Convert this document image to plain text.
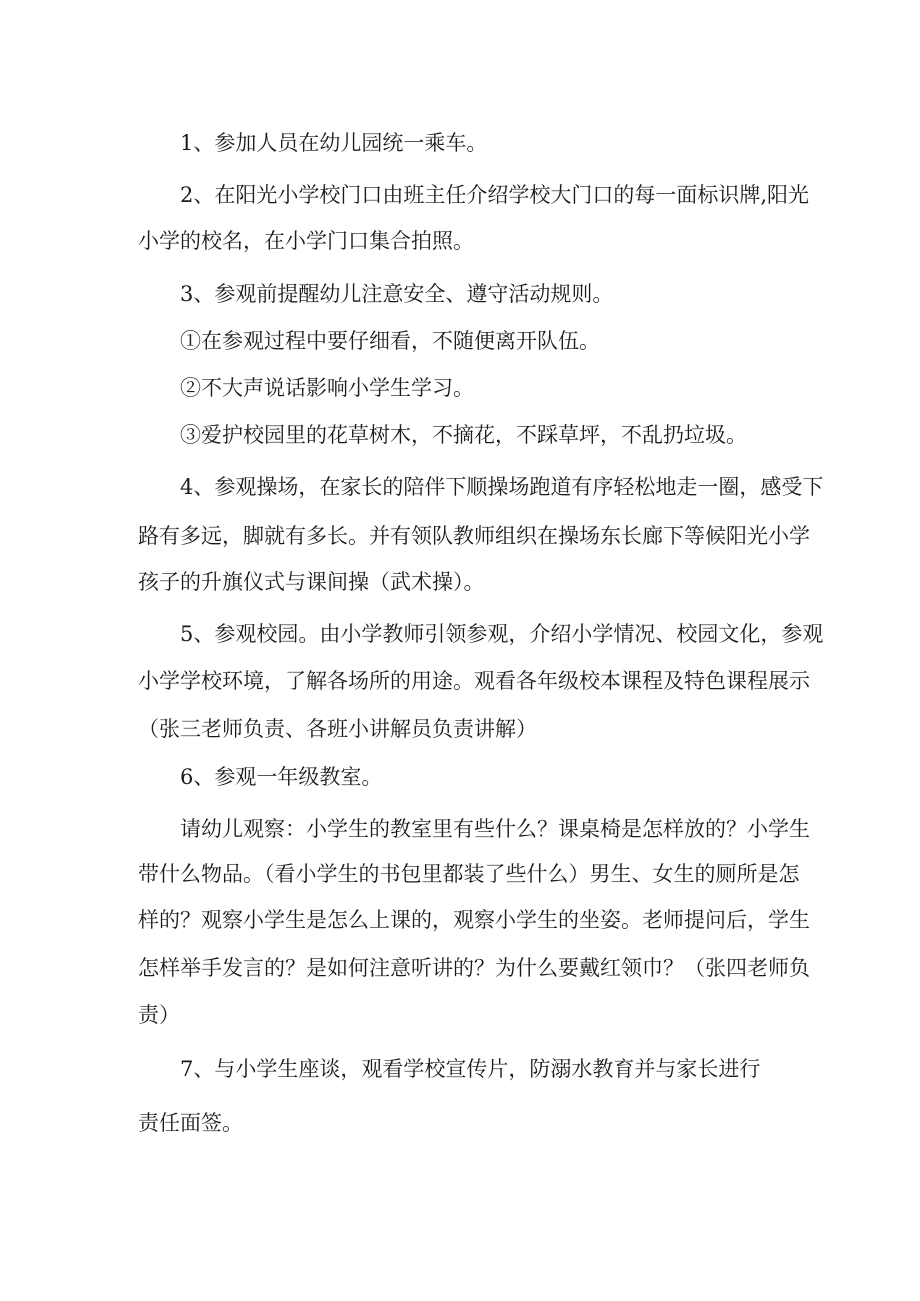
1、参加人员在幼儿园统一乘车。
2、在阳光小学校门口由班主任介绍学校大门口的每一面标识牌,阳光
小学的校名，在小学门口集合拍照。
3、参观前提醒幼儿注意安全、遵守活动规则。
①在参观过程中要仔细看，不随便离开队伍。
②不大声说话影响小学生学习。
③爱护校园里的花草树木，不摘花，不踩草坪，不乱扔垃圾。
4、参观操场，在家长的陪伴下顺操场跑道有序轻松地走一圈，感受下
路有多远，脚就有多长。并有领队教师组织在操场东长廊下等候阳光小学
孩子的升旗仪式与课间操（武术操）。
5、参观校园。由小学教师引领参观，介绍小学情况、校园文化，参观
小学学校环境，了解各场所的用途。观看各年级校本课程及特色课程展示
（张三老师负责、各班小讲解员负责讲解）
6、参观一年级教室。
请幼儿观察：小学生的教室里有些什么？课桌椅是怎样放的？小学生
带什么物品。（看小学生的书包里都装了些什么）男生、女生的厕所是怎
样的？观察小学生是怎么上课的，观察小学生的坐姿。老师提问后，学生
怎样举手发言的？是如何注意听讲的？为什么要戴红领巾？（张四老师负
责）
7、与小学生座谈，观看学校宣传片，防溺水教育并与家长进行
责任面签。
